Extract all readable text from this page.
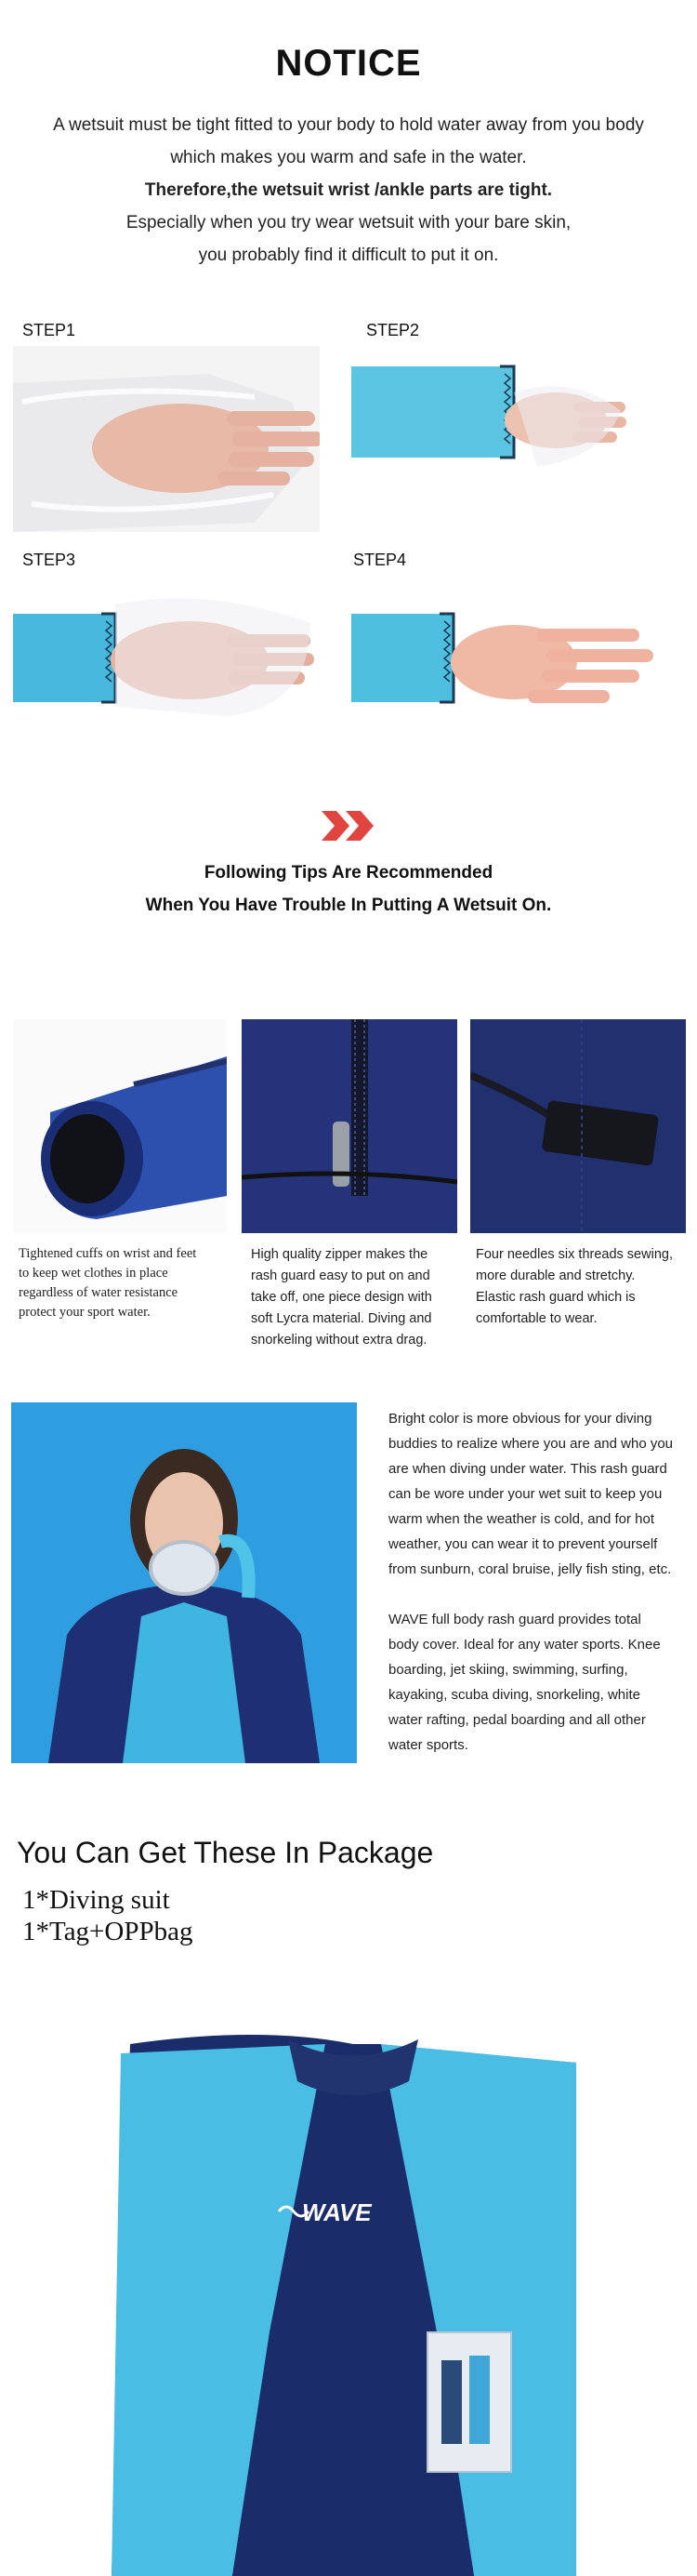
NOTICE
A wetsuit must be tight fitted to your body to hold water away from you body
which makes you warm and safe in the water.
Therefore,the wetsuit wrist /ankle parts are tight.
Especially when you try wear wetsuit with your bare skin,
you probably find it difficult to put it on.
STEP1	STEP2
STEP3	STEP4
Following Tips Are Recommended
When You Have Trouble In Putting A Wetsuit On.
Tightened cuffs on wrist and feet
to keep wet clothes in place
regardless of water resistance
protect your sport water.
High quality zipper makes the
rash guard easy to put on and
take off, one piece design with
soft Lycra material. Diving and
snorkeling without extra drag.
Four needles six threads sewing,
more durable and stretchy.
Elastic rash guard which is
comfortable to wear.
Bright color is more obvious for your diving
buddies to realize where you are and who you
are when diving under water. This rash guard
can be wore under your wet suit to keep you
warm when the weather is cold, and for hot
weather, you can wear it to prevent yourself
from sunburn, coral bruise, jelly fish sting, etc.
WAVE full body rash guard provides total
body cover. Ideal for any water sports. Knee
boarding, jet skiing, swimming, surfing,
kayaking, scuba diving, snorkeling, white
water rafting, pedal boarding and all other
water sports.
You Can Get These In Package
1*Diving suit
1*Tag+OPPbag
WAVE
